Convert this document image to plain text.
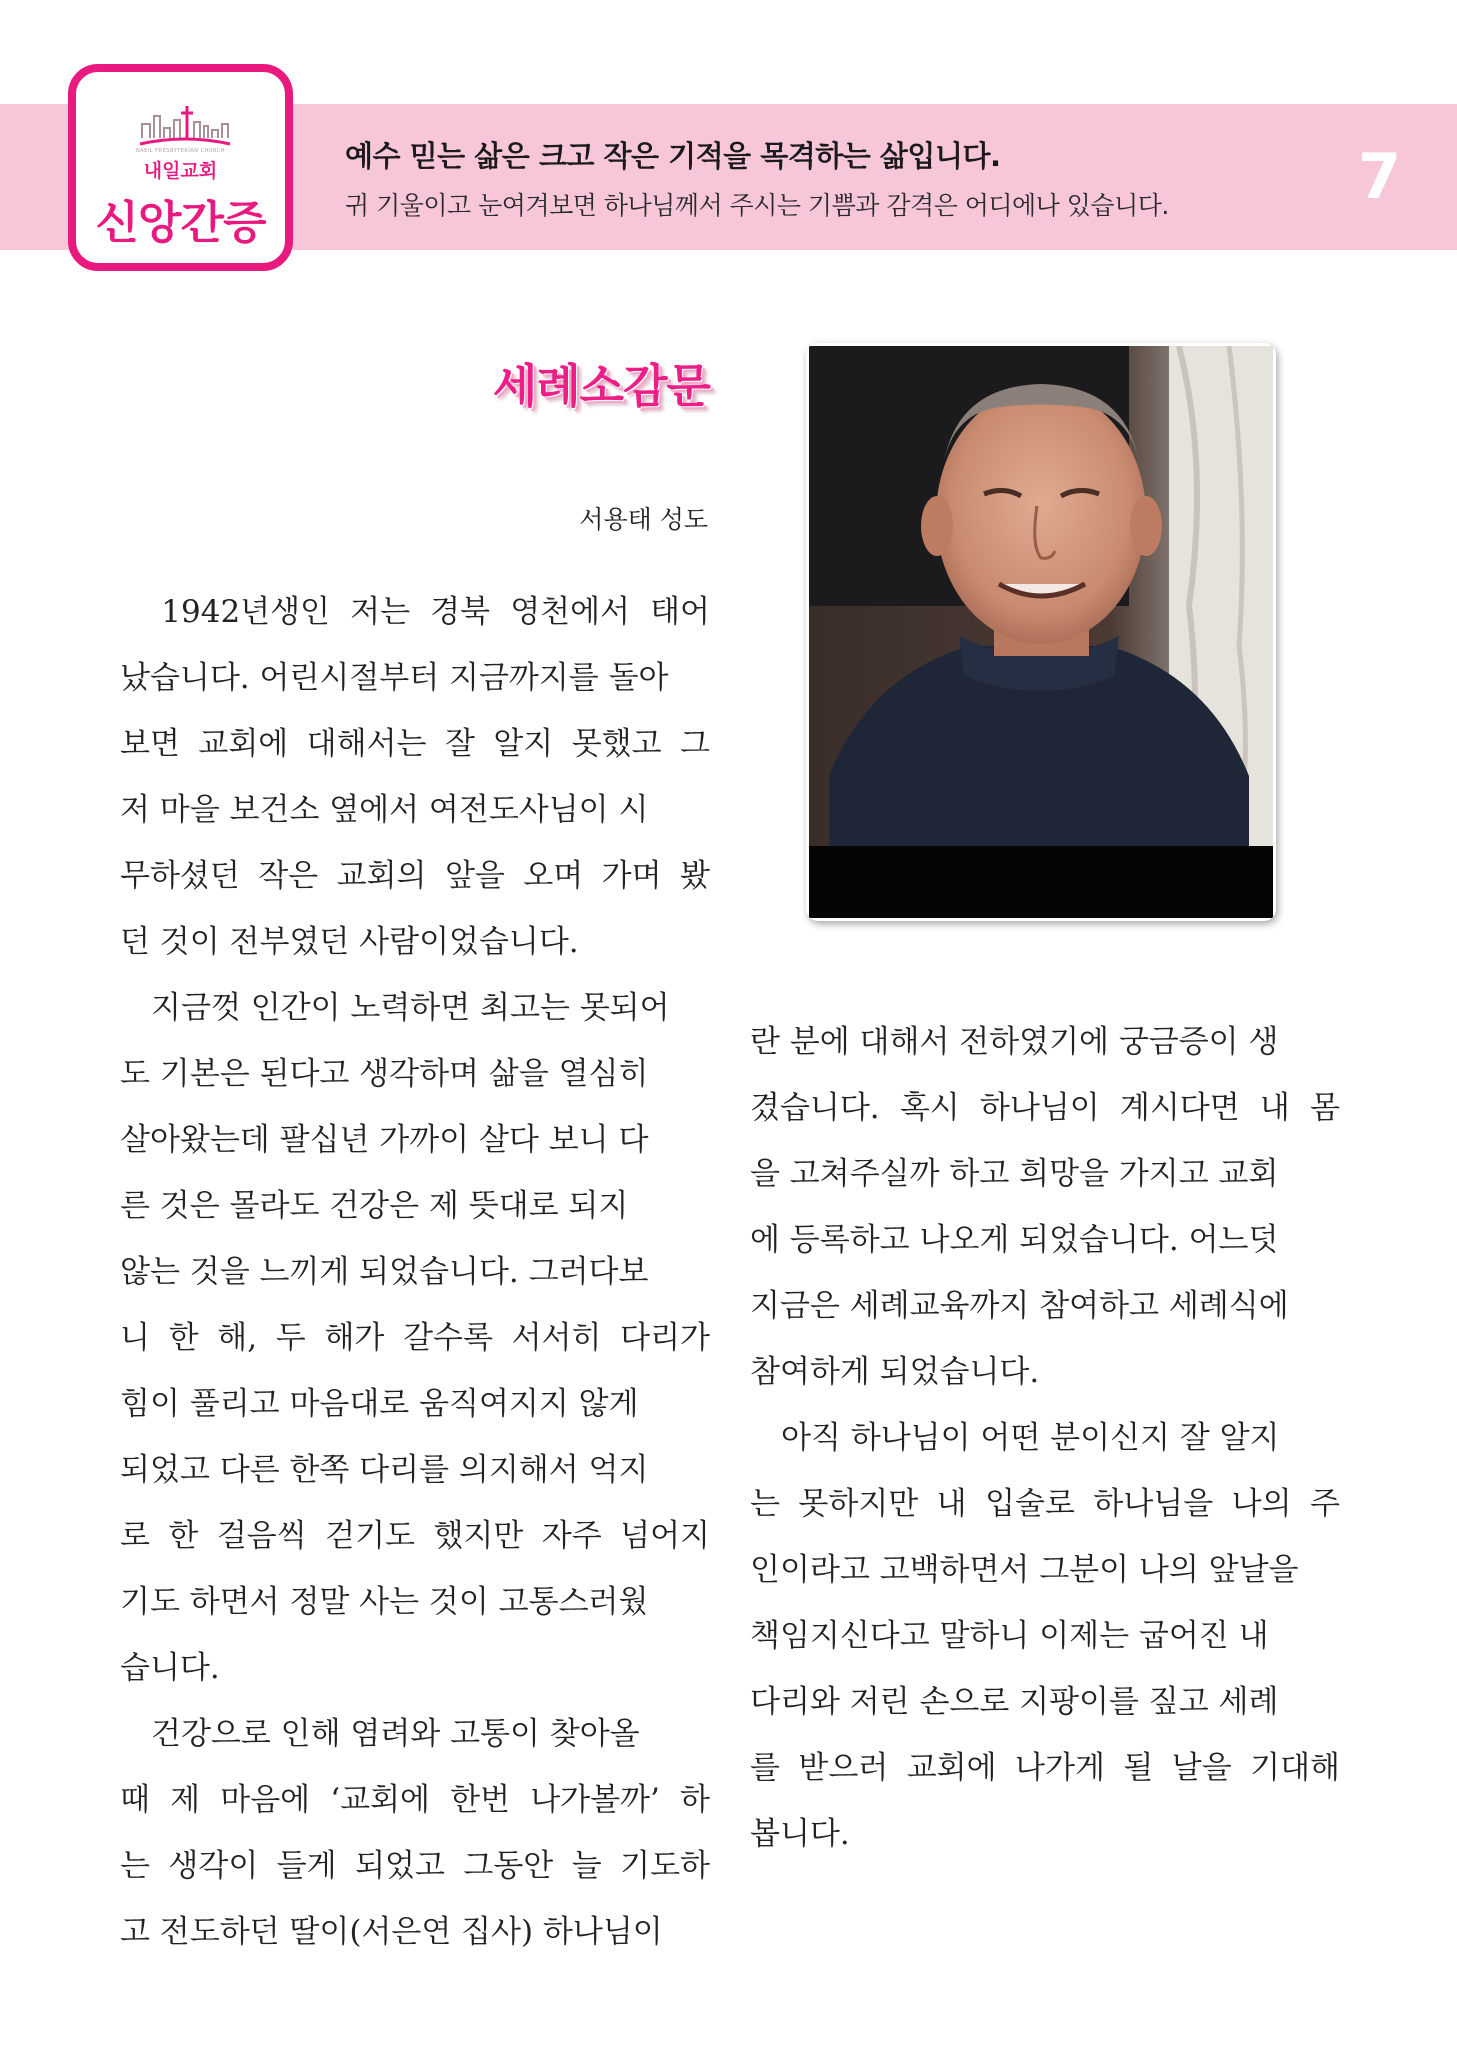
NAEIL PRESBYTERIAN CHURCH
내일교회
신앙간증
예수 믿는 삶은 크고 작은 기적을 목격하는 삶입니다.
귀 기울이고 눈여겨보면 하나님께서 주시는 기쁨과 감격은 어디에나 있습니다.	7
세례소감문
서용태 성도
　1942년생인 저는 경북 영천에서 태어
났습니다. 어린시절부터 지금까지를 돌아
보면 교회에 대해서는 잘 알지 못했고 그
저 마을 보건소 옆에서 여전도사님이 시
무하셨던 작은 교회의 앞을 오며 가며 봤
던 것이 전부였던 사람이었습니다.
　지금껏 인간이 노력하면 최고는 못되어
도 기본은 된다고 생각하며 삶을 열심히
살아왔는데 팔십년 가까이 살다 보니 다
른 것은 몰라도 건강은 제 뜻대로 되지
않는 것을 느끼게 되었습니다. 그러다보
니 한 해, 두 해가 갈수록 서서히 다리가
힘이 풀리고 마음대로 움직여지지 않게
되었고 다른 한쪽 다리를 의지해서 억지
로 한 걸음씩 걷기도 했지만 자주 넘어지
기도 하면서 정말 사는 것이 고통스러웠
습니다.
　건강으로 인해 염려와 고통이 찾아올
때 제 마음에 ‘교회에 한번 나가볼까’ 하
는 생각이 들게 되었고 그동안 늘 기도하
고 전도하던 딸이(서은연 집사) 하나님이
란 분에 대해서 전하였기에 궁금증이 생
겼습니다. 혹시 하나님이 계시다면 내 몸
을 고쳐주실까 하고 희망을 가지고 교회
에 등록하고 나오게 되었습니다. 어느덧
지금은 세례교육까지 참여하고 세례식에
참여하게 되었습니다.
　아직 하나님이 어떤 분이신지 잘 알지
는 못하지만 내 입술로 하나님을 나의 주
인이라고 고백하면서 그분이 나의 앞날을
책임지신다고 말하니 이제는 굽어진 내
다리와 저린 손으로 지팡이를 짚고 세례
를 받으러 교회에 나가게 될 날을 기대해
봅니다.
